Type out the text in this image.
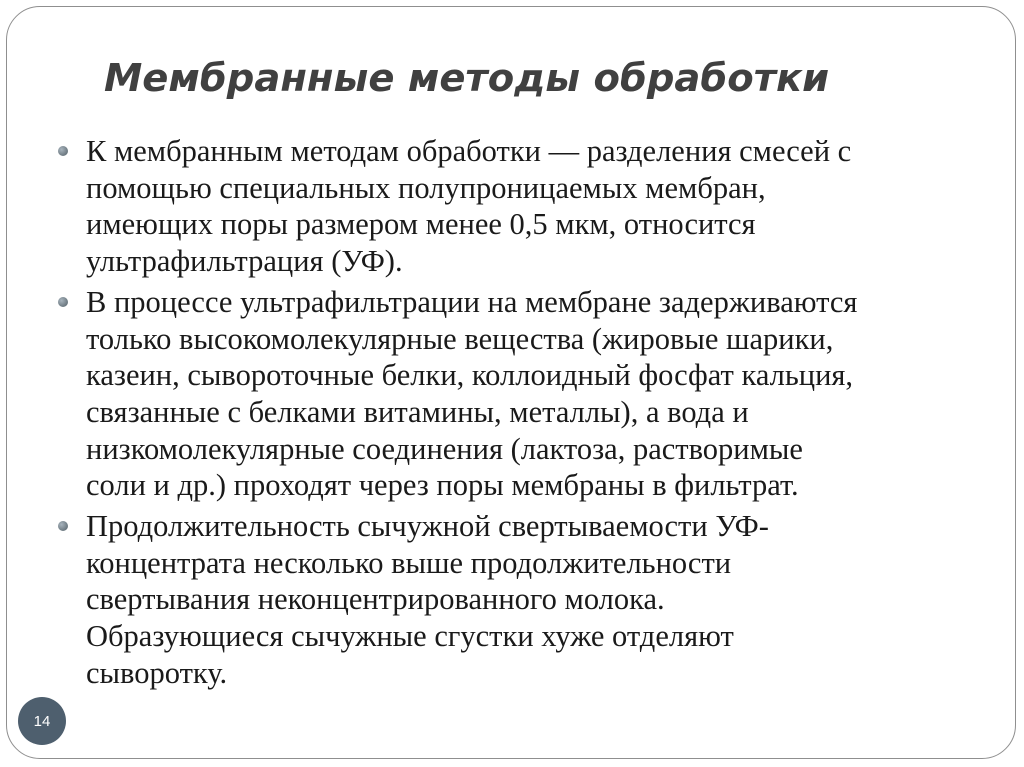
Мембранные методы обработки
К мембранным методам обработки — разделения смесей с
помощью специальных полупроницаемых мембран,
имеющих поры размером менее 0,5 мкм, относится
ультрафильтрация (УФ).
В процессе ультрафильтрации на мембране задерживаются
только высокомолекулярные вещества (жировые шарики,
казеин, сывороточные белки, коллоидный фосфат кальция,
связанные с белками витамины, металлы), а вода и
низкомолекулярные соединения (лактоза, растворимые
соли и др.) проходят через поры мембраны в фильтрат.
Продолжительность сычужной свертываемости УФ-
концентрата несколько выше продолжительности
свертывания неконцентрированного молока.
Образующиеся сычужные сгустки хуже отделяют
сыворотку.
14
